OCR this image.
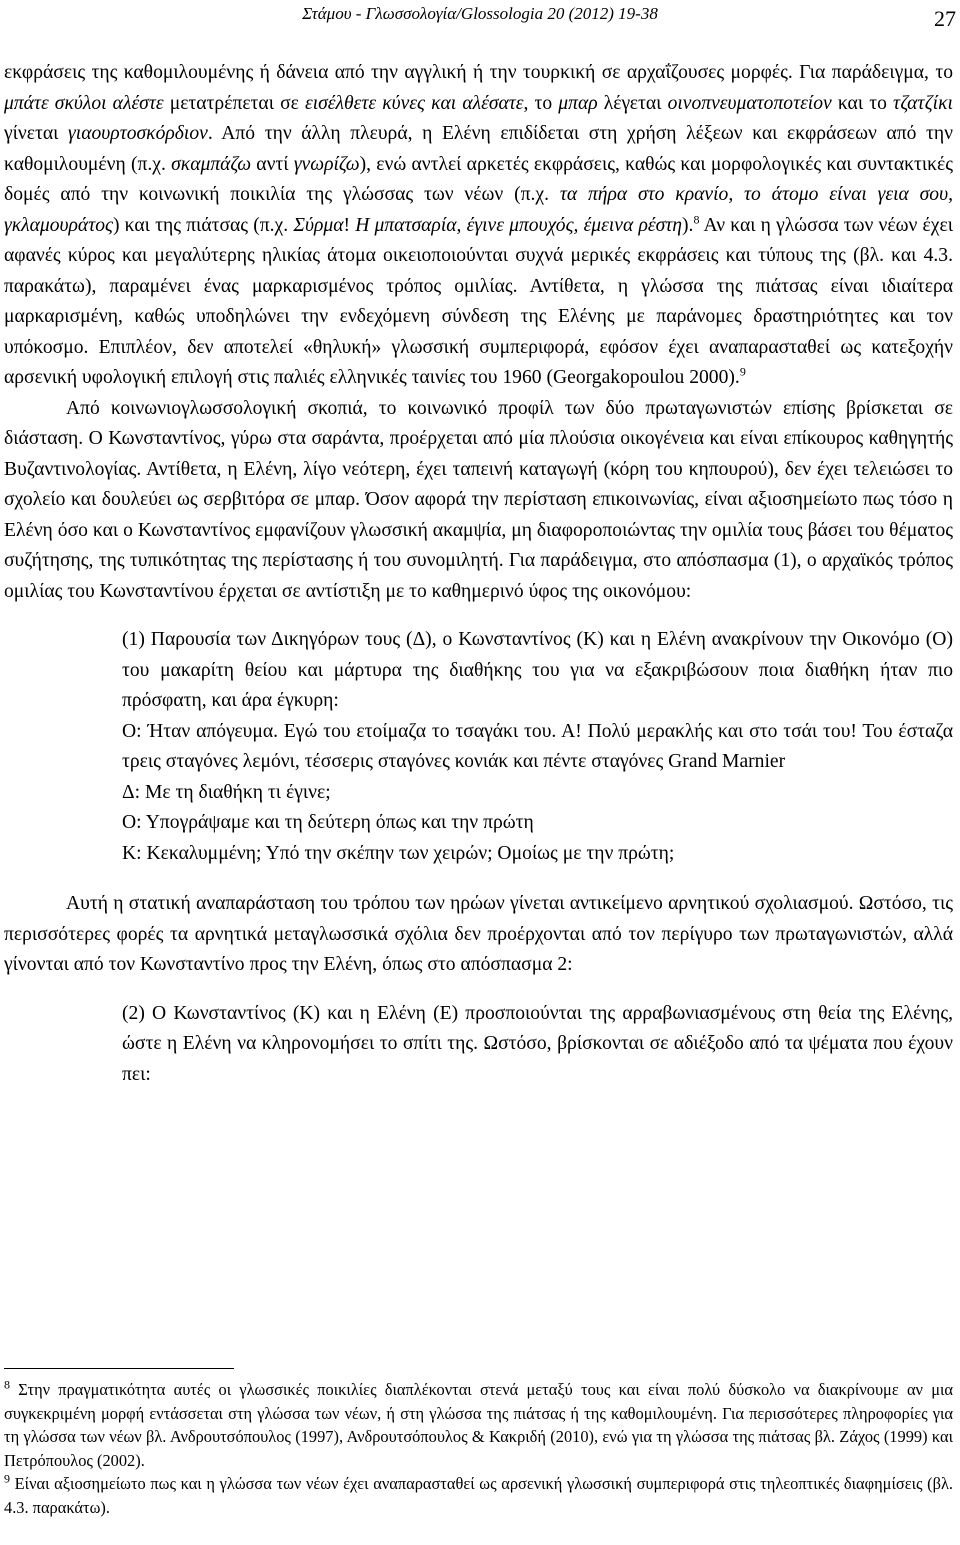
Στάμου - Γλωσσολογία/Glossologia 20 (2012) 19-38	27

εκφράσεις της καθομιλουμένης ή δάνεια από την αγγλική ή την τουρκική σε αρχαΐζουσες μορφές. Για παράδειγμα, το μπάτε σκύλοι αλέστε μετατρέπεται σε εισέλθετε κύνες και αλέσατε, το μπαρ λέγεται οινοπνευματοποτείον και το τζατζίκι γίνεται γιαουρτοσκόρδιον. Από την άλλη πλευρά, η Ελένη επιδίδεται στη χρήση λέξεων και εκφράσεων από την καθομιλουμένη (π.χ. σκαμπάζω αντί γνωρίζω), ενώ αντλεί αρκετές εκφράσεις, καθώς και μορφολογικές και συντακτικές δομές από την κοινωνική ποικιλία της γλώσσας των νέων (π.χ. τα πήρα στο κρανίο, το άτομο είναι γεια σου, γκλαμουράτος) και της πιάτσας (π.χ. Σύρμα! Η μπατσαρία, έγινε μπουχός, έμεινα ρέστη).$^8$ Αν και η γλώσσα των νέων έχει αφανές κύρος και μεγαλύτερης ηλικίας άτομα οικειοποιούνται συχνά μερικές εκφράσεις και τύπους της (βλ. και 4.3. παρακάτω), παραμένει ένας μαρκαρισμένος τρόπος ομιλίας. Αντίθετα, η γλώσσα της πιάτσας είναι ιδιαίτερα μαρκαρισμένη, καθώς υποδηλώνει την ενδεχόμενη σύνδεση της Ελένης με παράνομες δραστηριότητες και τον υπόκοσμο. Επιπλέον, δεν αποτελεί «θηλυκή» γλωσσική συμπεριφορά, εφόσον έχει αναπαρασταθεί ως κατεξοχήν αρσενική υφολογική επιλογή στις παλιές ελληνικές ταινίες του 1960 (Georgakopoulou 2000).$^9$

Από κοινωνιογλωσσολογική σκοπιά, το κοινωνικό προφίλ των δύο πρωταγωνιστών επίσης βρίσκεται σε διάσταση. Ο Κωνσταντίνος, γύρω στα σαράντα, προέρχεται από μία πλούσια οικογένεια και είναι επίκουρος καθηγητής Βυζαντινολογίας. Αντίθετα, η Ελένη, λίγο νεότερη, έχει ταπεινή καταγωγή (κόρη του κηπουρού), δεν έχει τελειώσει το σχολείο και δουλεύει ως σερβιτόρα σε μπαρ. Όσον αφορά την περίσταση επικοινωνίας, είναι αξιοσημείωτο πως τόσο η Ελένη όσο και ο Κωνσταντίνος εμφανίζουν γλωσσική ακαμψία, μη διαφοροποιώντας την ομιλία τους βάσει του θέματος συζήτησης, της τυπικότητας της περίστασης ή του συνομιλητή. Για παράδειγμα, στο απόσπασμα (1), ο αρχαϊκός τρόπος ομιλίας του Κωνσταντίνου έρχεται σε αντίστιξη με το καθημερινό ύφος της οικονόμου:

(1) Παρουσία των Δικηγόρων τους (Δ), ο Κωνσταντίνος (Κ) και η Ελένη ανακρίνουν την Οικονόμο (Ο) του μακαρίτη θείου και μάρτυρα της διαθήκης του για να εξακριβώσουν ποια διαθήκη ήταν πιο πρόσφατη, και άρα έγκυρη:

Ο: Ήταν απόγευμα. Εγώ του ετοίμαζα το τσαγάκι του. Α! Πολύ μερακλής και στο τσάι του! Του έσταζα τρεις σταγόνες λεμόνι, τέσσερις σταγόνες κονιάκ και πέντε σταγόνες Grand Marnier

Δ: Με τη διαθήκη τι έγινε;

Ο: Υπογράψαμε και τη δεύτερη όπως και την πρώτη

Κ: Κεκαλυμμένη; Υπό την σκέπην των χειρών; Ομοίως με την πρώτη;

Αυτή η στατική αναπαράσταση του τρόπου των ηρώων γίνεται αντικείμενο αρνητικού σχολιασμού. Ωστόσο, τις περισσότερες φορές τα αρνητικά μεταγλωσσικά σχόλια δεν προέρχονται από τον περίγυρο των πρωταγωνιστών, αλλά γίνονται από τον Κωνσταντίνο προς την Ελένη, όπως στο απόσπασμα 2:

(2) Ο Κωνσταντίνος (Κ) και η Ελένη (Ε) προσποιούνται της αρραβωνιασμένους στη θεία της Ελένης, ώστε η Ελένη να κληρονομήσει το σπίτι της. Ωστόσο, βρίσκονται σε αδιέξοδο από τα ψέματα που έχουν πει:

$^8$ Στην πραγματικότητα αυτές οι γλωσσικές ποικιλίες διαπλέκονται στενά μεταξύ τους και είναι πολύ δύσκολο να διακρίνουμε αν μια συγκεκριμένη μορφή εντάσσεται στη γλώσσα των νέων, ή στη γλώσσα της πιάτσας ή της καθομιλουμένη. Για περισσότερες πληροφορίες για τη γλώσσα των νέων βλ. Ανδρουτσόπουλος (1997), Ανδρουτσόπουλος & Κακριδή (2010), ενώ για τη γλώσσα της πιάτσας βλ. Ζάχος (1999) και Πετρόπουλος (2002).

$^9$ Είναι αξιοσημείωτο πως και η γλώσσα των νέων έχει αναπαρασταθεί ως αρσενική γλωσσική συμπεριφορά στις τηλεοπτικές διαφημίσεις (βλ. 4.3. παρακάτω).
